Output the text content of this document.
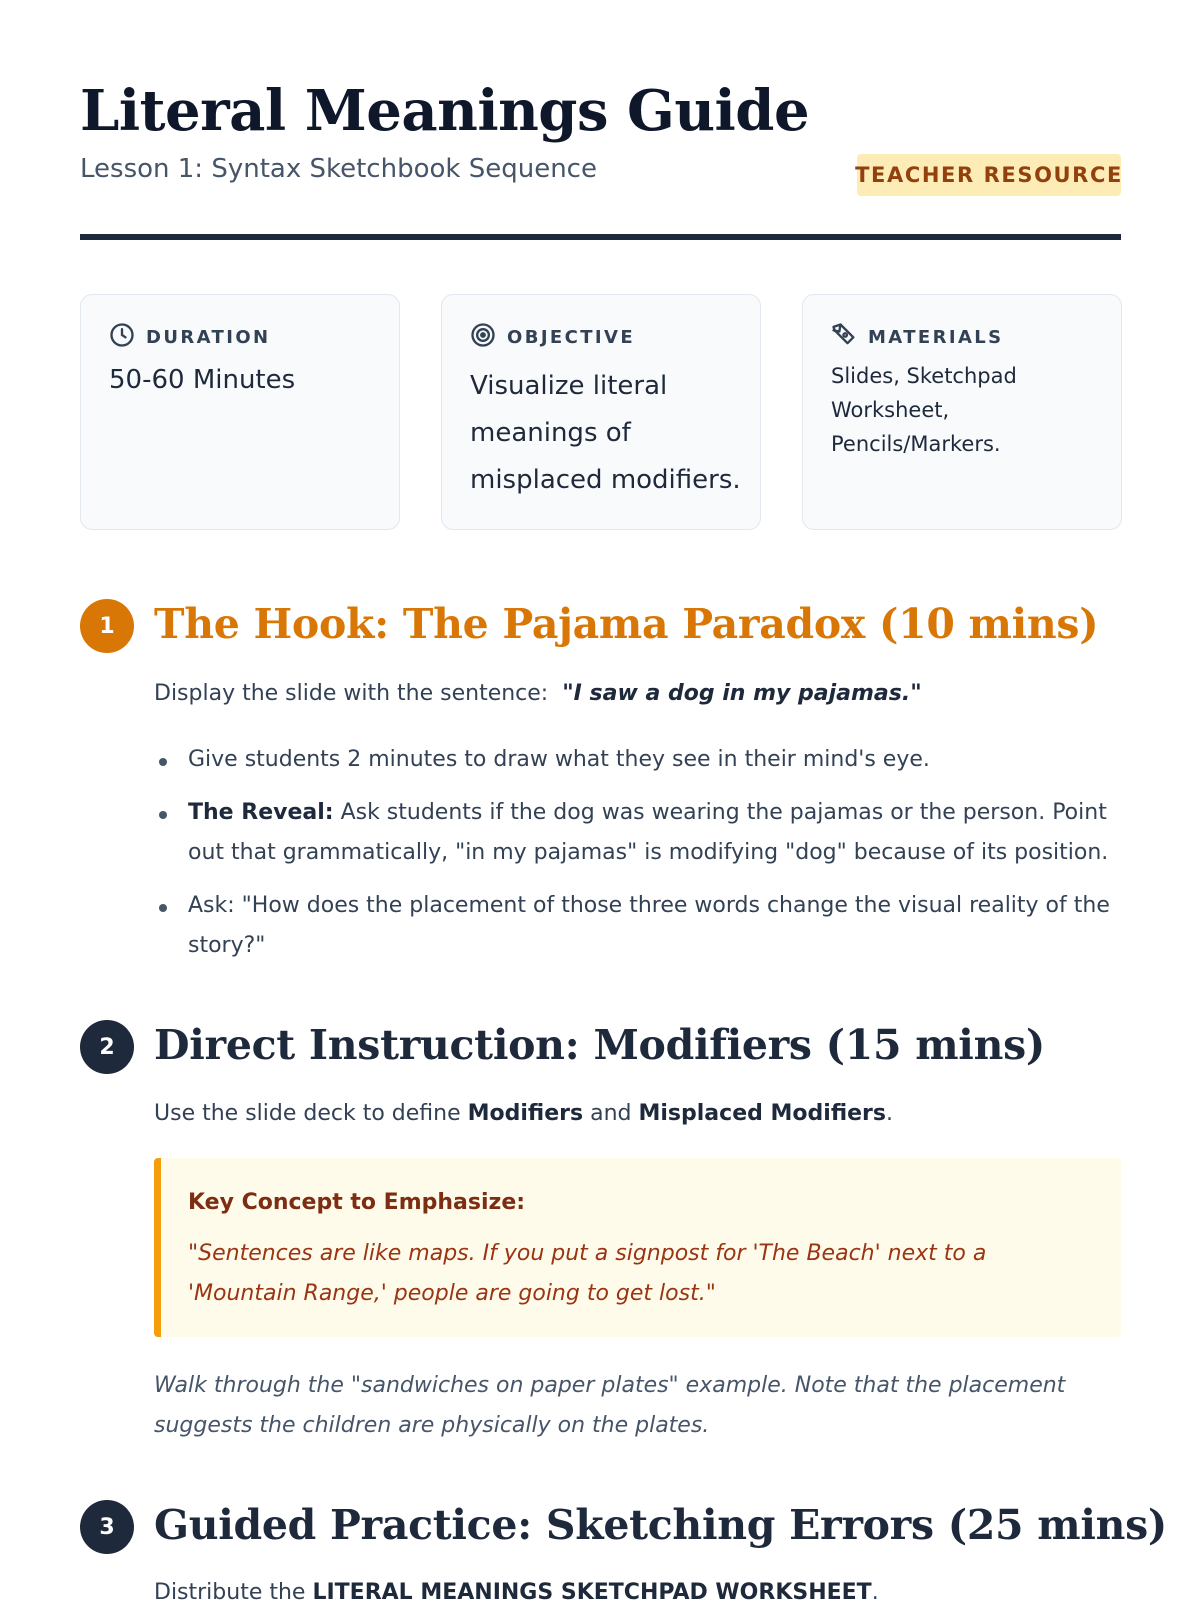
Literal Meanings Guide
Lesson 1: Syntax Sketchbook Sequence	TEACHER RESOURCE
DURATION
50-60 Minutes
OBJECTIVE
Visualize literal meanings of misplaced modifiers.
MATERIALS
Slides, Sketchpad Worksheet, Pencils/Markers.
1 The Hook: The Pajama Paradox (10 mins)
Display the slide with the sentence: "I saw a dog in my pajamas."
Give students 2 minutes to draw what they see in their mind's eye.
The Reveal: Ask students if the dog was wearing the pajamas or the person. Point out that grammatically, "in my pajamas" is modifying "dog" because of its position.
Ask: "How does the placement of those three words change the visual reality of the story?"
2 Direct Instruction: Modifiers (15 mins)
Use the slide deck to define Modifiers and Misplaced Modifiers.
Key Concept to Emphasize:
"Sentences are like maps. If you put a signpost for 'The Beach' next to a 'Mountain Range,' people are going to get lost."
Walk through the "sandwiches on paper plates" example. Note that the placement suggests the children are physically on the plates.
3 Guided Practice: Sketching Errors (25 mins)
Distribute the LITERAL MEANINGS SKETCHPAD WORKSHEET.
